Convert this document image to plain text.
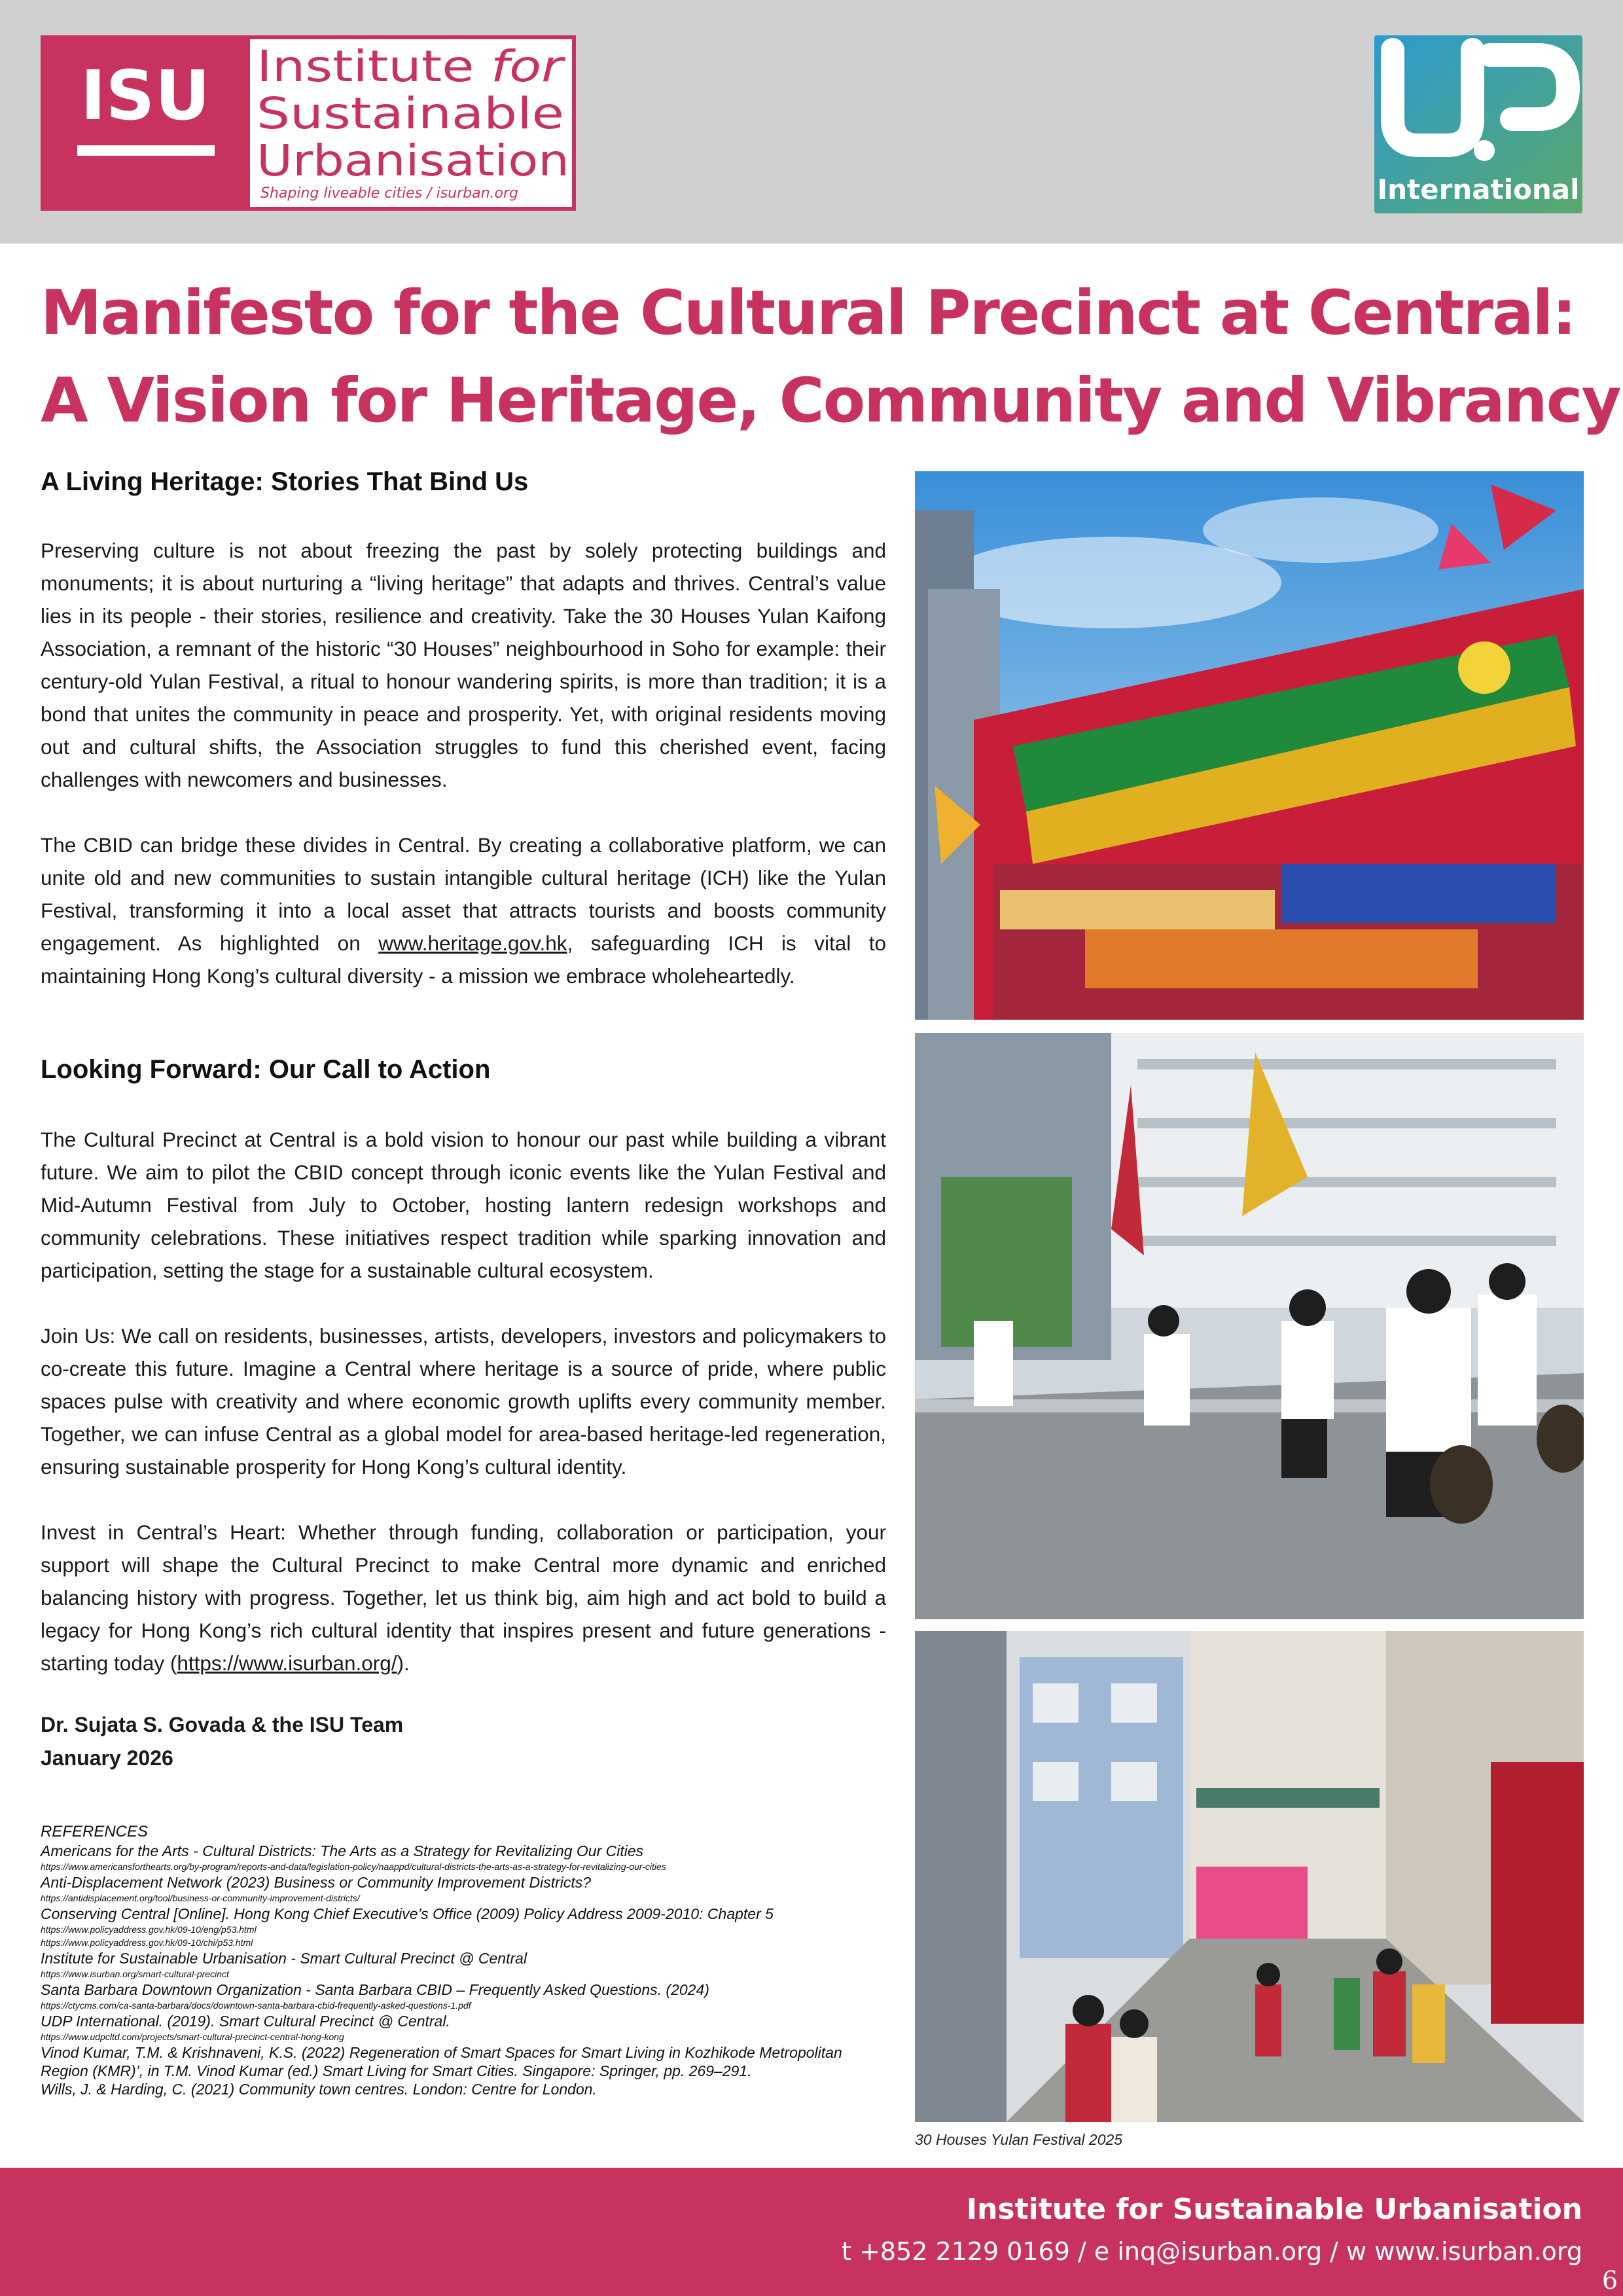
ISU Institute for
Sustainable
Urbanisation
Shaping liveable cities / isurban.org	International
Manifesto for the Cultural Precinct at Central:
A Vision for Heritage, Community and Vibrancy
A Living Heritage: Stories That Bind Us

Preserving culture is not about freezing the past by solely protecting buildings and monuments; it is about nurturing a “living heritage” that adapts and thrives. Central’s value lies in its people - their stories, resilience and creativity. Take the 30 Houses Yulan Kaifong Association, a remnant of the historic “30 Houses” neighbourhood in Soho for example: their century-old Yulan Festival, a ritual to honour wandering spirits, is more than tradition; it is a bond that unites the community in peace and prosperity. Yet, with original residents moving out and cultural shifts, the Association struggles to fund this cherished event, facing challenges with newcomers and businesses.

The CBID can bridge these divides in Central. By creating a collaborative platform, we can unite old and new communities to sustain intangible cultural heritage (ICH) like the Yulan Festival, transforming it into a local asset that attracts tourists and boosts community engagement. As highlighted on www.heritage.gov.hk, safeguarding ICH is vital to maintaining Hong Kong’s cultural diversity - a mission we embrace wholeheartedly.

Looking Forward: Our Call to Action

The Cultural Precinct at Central is a bold vision to honour our past while building a vibrant future. We aim to pilot the CBID concept through iconic events like the Yulan Festival and Mid-Autumn Festival from July to October, hosting lantern redesign workshops and community celebrations. These initiatives respect tradition while sparking innovation and participation, setting the stage for a sustainable cultural ecosystem.

Join Us: We call on residents, businesses, artists, developers, investors and policymakers to co-create this future. Imagine a Central where heritage is a source of pride, where public spaces pulse with creativity and where economic growth uplifts every community member. Together, we can infuse Central as a global model for area-based heritage-led regeneration, ensuring sustainable prosperity for Hong Kong’s cultural identity.

Invest in Central’s Heart: Whether through funding, collaboration or participation, your support will shape the Cultural Precinct to make Central more dynamic and enriched balancing history with progress. Together, let us think big, aim high and act bold to build a legacy for Hong Kong’s rich cultural identity that inspires present and future generations - starting today (https://www.isurban.org/).

Dr. Sujata S. Govada & the ISU Team
January 2026
REFERENCES
Americans for the Arts - Cultural Districts: The Arts as a Strategy for Revitalizing Our Cities
https://www.americansforthearts.org/by-program/reports-and-data/legislation-policy/naappd/cultural-districts-the-arts-as-a-strategy-for-revitalizing-our-cities
Anti-Displacement Network (2023) Business or Community Improvement Districts?
https://antidisplacement.org/tool/business-or-community-improvement-districts/
Conserving Central [Online]. Hong Kong Chief Executive’s Office (2009) Policy Address 2009-2010: Chapter 5
https://www.policyaddress.gov.hk/09-10/eng/p53.html
https://www.policyaddress.gov.hk/09-10/chi/p53.html
Institute for Sustainable Urbanisation - Smart Cultural Precinct @ Central
https://www.isurban.org/smart-cultural-precinct
Santa Barbara Downtown Organization - Santa Barbara CBID – Frequently Asked Questions. (2024)
https://ctycms.com/ca-santa-barbara/docs/downtown-santa-barbara-cbid-frequently-asked-questions-1.pdf
UDP International. (2019). Smart Cultural Precinct @ Central.
https://www.udpcltd.com/projects/smart-cultural-precinct-central-hong-kong
Vinod Kumar, T.M. & Krishnaveni, K.S. (2022) Regeneration of Smart Spaces for Smart Living in Kozhikode Metropolitan Region (KMR)’, in T.M. Vinod Kumar (ed.) Smart Living for Smart Cities. Singapore: Springer, pp. 269–291.
Wills, J. & Harding, C. (2021) Community town centres. London: Centre for London.
30 Houses Yulan Festival 2025
Institute for Sustainable Urbanisation
t +852 2129 0169 / e inq@isurban.org / w www.isurban.org
6
